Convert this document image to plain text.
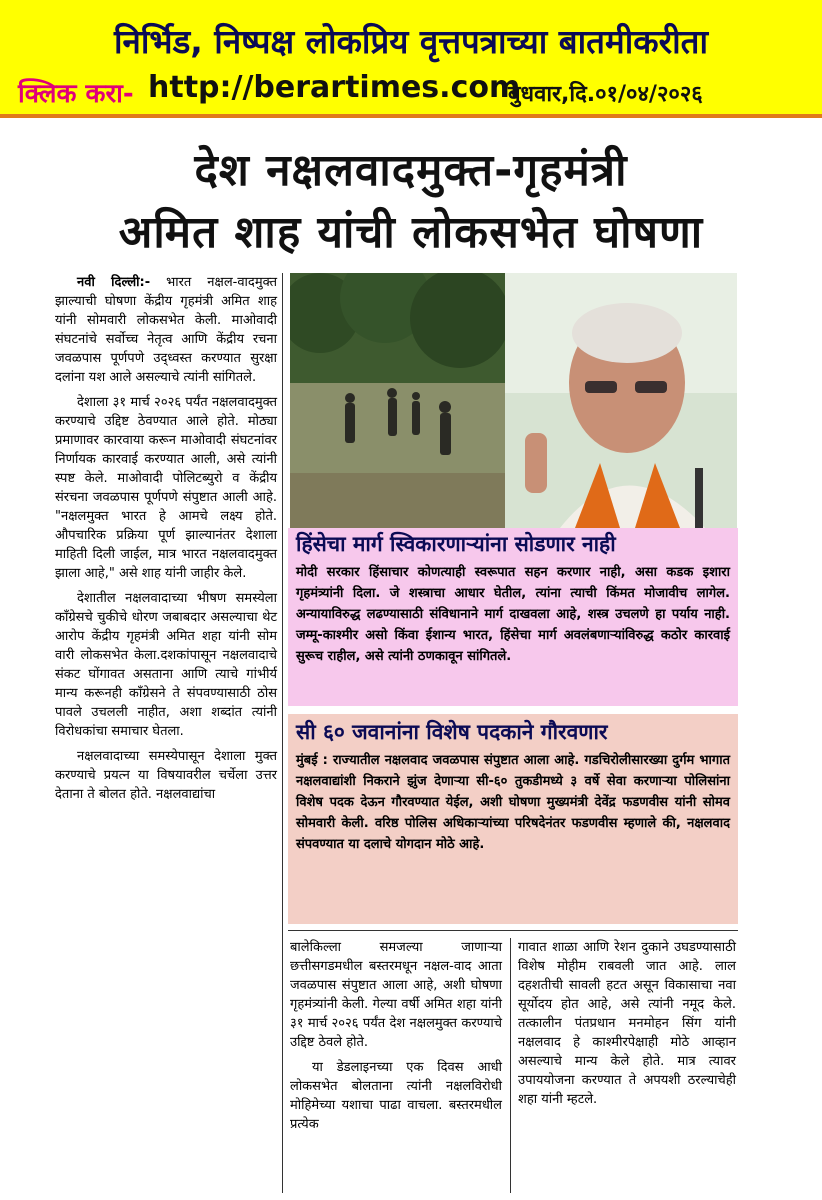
निर्भिड, निष्पक्ष लोकप्रिय वृत्तपत्राच्या बातमीकरीता
क्लिक करा- http://berartimes.com
बुधवार,दि.०१/०४/२०२६
देश नक्षलवादमुक्त-गृहमंत्री
अमित शाह यांची लोकसभेत घोषणा

नवी दिल्ली:- भारत नक्षल-वादमुक्त झाल्याची घोषणा केंद्रीय गृहमंत्री अमित शाह यांनी सोमवारी लोकसभेत केली. माओवादी संघटनांचे सर्वोच्च नेतृत्व आणि केंद्रीय रचना जवळपास पूर्णपणे उद्ध्वस्त करण्यात सुरक्षा दलांना यश आले असल्याचे त्यांनी सांगितले.

देशाला ३१ मार्च २०२६ पर्यंत नक्षलवादमुक्त करण्याचे उद्दिष्ट ठेवण्यात आले होते. मोठ्या प्रमाणावर कारवाया करून माओवादी संघटनांवर निर्णायक कारवाई करण्यात आली, असे त्यांनी स्पष्ट केले. माओवादी पोलिटब्युरो व केंद्रीय संरचना जवळपास पूर्णपणे संपुष्टात आली आहे. "नक्षलमुक्त भारत हे आमचे लक्ष्य होते. औपचारिक प्रक्रिया पूर्ण झाल्यानंतर देशाला माहिती दिली जाईल, मात्र भारत नक्षलवादमुक्त झाला आहे," असे शाह यांनी जाहीर केले.

देशातील नक्षलवादाच्या भीषण समस्येला काँग्रेसचे चुकीचे धोरण जबाबदार असल्याचा थेट आरोप केंद्रीय गृहमंत्री अमित शहा यांनी सोम वारी लोकसभेत केला.दशकांपासून नक्षलवादाचे संकट घोंगावत असताना आणि त्याचे गांभीर्य मान्य करूनही काँग्रेसने ते संपवण्यासाठी ठोस पावले उचलली नाहीत, अशा शब्दांत त्यांनी विरोधकांचा समाचार घेतला.

नक्षलवादाच्या समस्येपासून देशाला मुक्त करण्याचे प्रयत्न या विषयावरील चर्चेला उत्तर देताना ते बोलत होते. नक्षलवाद्यांचा

हिंसेचा मार्ग स्विकारणाऱ्यांना सोडणार नाही
मोदी सरकार हिंसाचार कोणत्याही स्वरूपात सहन करणार नाही, असा कडक इशारा गृहमंत्र्यांनी दिला. जे शस्त्राचा आधार घेतील, त्यांना त्याची किंमत मोजावीच लागेल. अन्यायाविरुद्ध लढण्यासाठी संविधानाने मार्ग दाखवला आहे, शस्त्र उचलणे हा पर्याय नाही. जम्मू-काश्मीर असो किंवा ईशान्य भारत, हिंसेचा मार्ग अवलंबणाऱ्यांविरुद्ध कठोर कारवाई सुरूच राहील, असे त्यांनी ठणकावून सांगितले.
सी ६० जवानांना विशेष पदकाने गौरवणार
मुंबई : राज्यातील नक्षलवाद जवळपास संपुष्टात आला आहे. गडचिरोलीसारख्या दुर्गम भागात नक्षलवाद्यांशी निकराने झुंज देणाऱ्या सी-६० तुकडीमध्ये ३ वर्षे सेवा करणाऱ्या पोलिसांना विशेष पदक देऊन गौरवण्यात येईल, अशी घोषणा मुख्यमंत्री देवेंद्र फडणवीस यांनी सोमव सोमवारी केली. वरिष्ठ पोलिस अधिकाऱ्यांच्या परिषदेनंतर फडणवीस म्हणाले की, नक्षलवाद संपवण्यात या दलाचे योगदान मोठे आहे.

बालेकिल्ला समजल्या जाणाऱ्या छत्तीसगडमधील बस्तरमधून नक्षल-वाद आता जवळपास संपुष्टात आला आहे, अशी घोषणा गृहमंत्र्यांनी केली. गेल्या वर्षी अमित शहा यांनी ३१ मार्च २०२६ पर्यंत देश नक्षलमुक्त करण्याचे उद्दिष्ट ठेवले होते.

या डेडलाइनच्या एक दिवस आधी लोकसभेत बोलताना त्यांनी नक्षलविरोधी मोहिमेच्या यशाचा पाढा वाचला. बस्तरमधील प्रत्येक

गावात शाळा आणि रेशन दुकाने उघडण्यासाठी विशेष मोहीम राबवली जात आहे. लाल दहशतीची सावली हटत असून विकासाचा नवा सूर्योदय होत आहे, असे त्यांनी नमूद केले. तत्कालीन पंतप्रधान मनमोहन सिंग यांनी नक्षलवाद हे काश्मीरपेक्षाही मोठे आव्हान असल्याचे मान्य केले होते. मात्र त्यावर उपाययोजना करण्यात ते अपयशी ठरल्याचेही शहा यांनी म्हटले.
